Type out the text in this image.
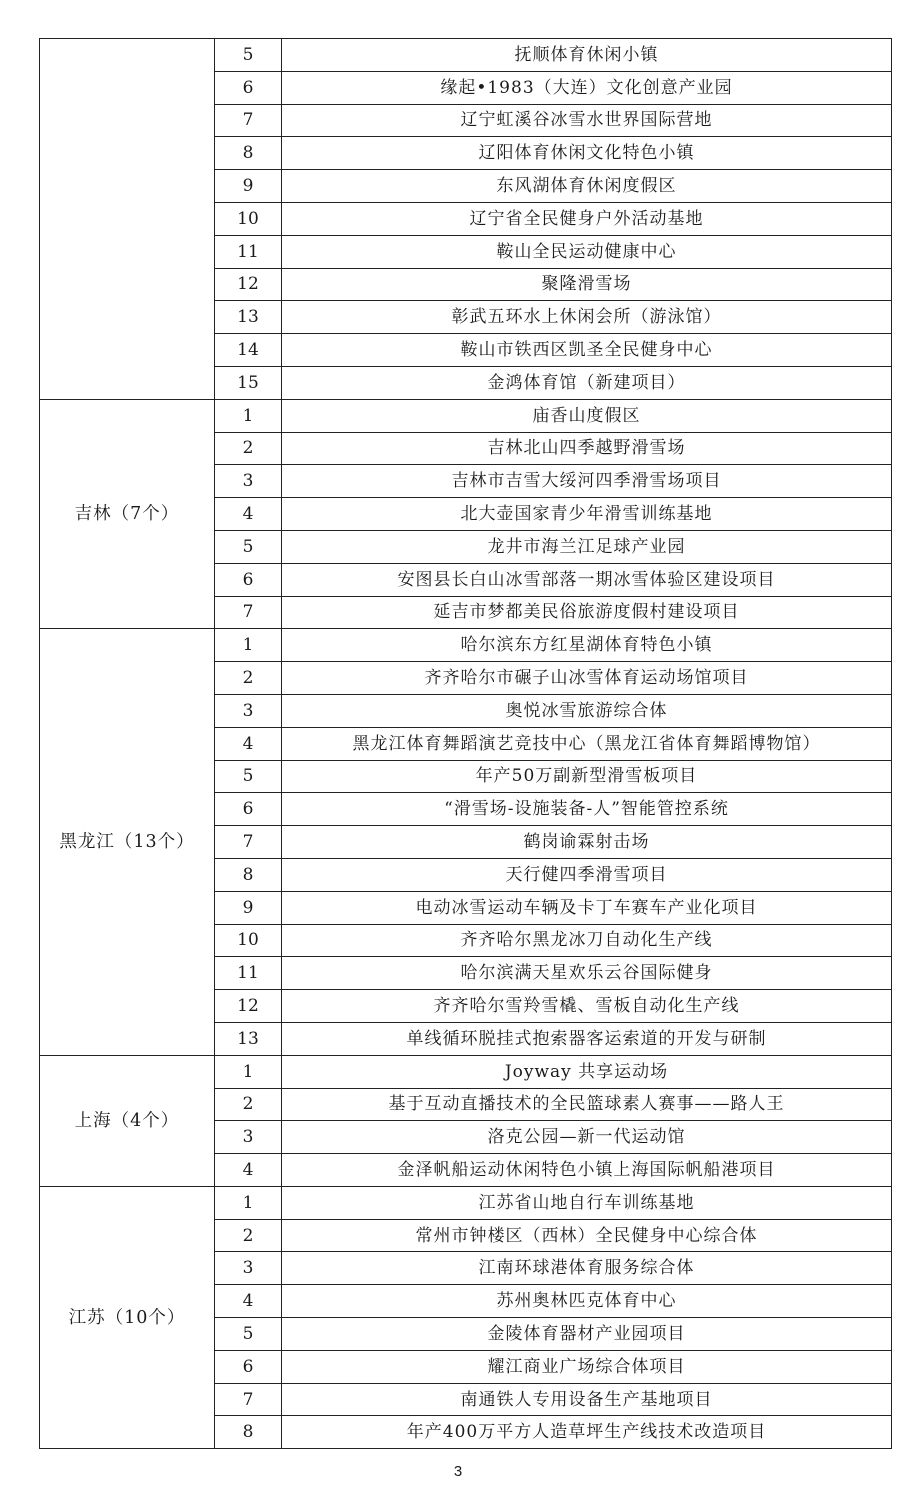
	5	抚顺体育休闲小镇
	6	缘起•1983（大连）文化创意产业园
	7	辽宁虹溪谷冰雪水世界国际营地
	8	辽阳体育休闲文化特色小镇
	9	东风湖体育休闲度假区
	10	辽宁省全民健身户外活动基地
	11	鞍山全民运动健康中心
	12	聚隆滑雪场
	13	彰武五环水上休闲会所（游泳馆）
	14	鞍山市铁西区凯圣全民健身中心
	15	金鸿体育馆（新建项目）
吉林（7个）	1	庙香山度假区
	2	吉林北山四季越野滑雪场
	3	吉林市吉雪大绥河四季滑雪场项目
	4	北大壶国家青少年滑雪训练基地
	5	龙井市海兰江足球产业园
	6	安图县长白山冰雪部落一期冰雪体验区建设项目
	7	延吉市梦都美民俗旅游度假村建设项目
黑龙江（13个）	1	哈尔滨东方红星湖体育特色小镇
	2	齐齐哈尔市碾子山冰雪体育运动场馆项目
	3	奥悦冰雪旅游综合体
	4	黑龙江体育舞蹈演艺竞技中心（黑龙江省体育舞蹈博物馆）
	5	年产50万副新型滑雪板项目
	6	“滑雪场-设施装备-人”智能管控系统
	7	鹤岗谕霖射击场
	8	天行健四季滑雪项目
	9	电动冰雪运动车辆及卡丁车赛车产业化项目
	10	齐齐哈尔黑龙冰刀自动化生产线
	11	哈尔滨满天星欢乐云谷国际健身
	12	齐齐哈尔雪羚雪橇、雪板自动化生产线
	13	单线循环脱挂式抱索器客运索道的开发与研制
上海（4个）	1	Joyway 共享运动场
	2	基于互动直播技术的全民篮球素人赛事——路人王
	3	洛克公园—新一代运动馆
	4	金泽帆船运动休闲特色小镇上海国际帆船港项目
江苏（10个）	1	江苏省山地自行车训练基地
	2	常州市钟楼区（西林）全民健身中心综合体
	3	江南环球港体育服务综合体
	4	苏州奥林匹克体育中心
	5	金陵体育器材产业园项目
	6	耀江商业广场综合体项目
	7	南通铁人专用设备生产基地项目
	8	年产400万平方人造草坪生产线技术改造项目
3
